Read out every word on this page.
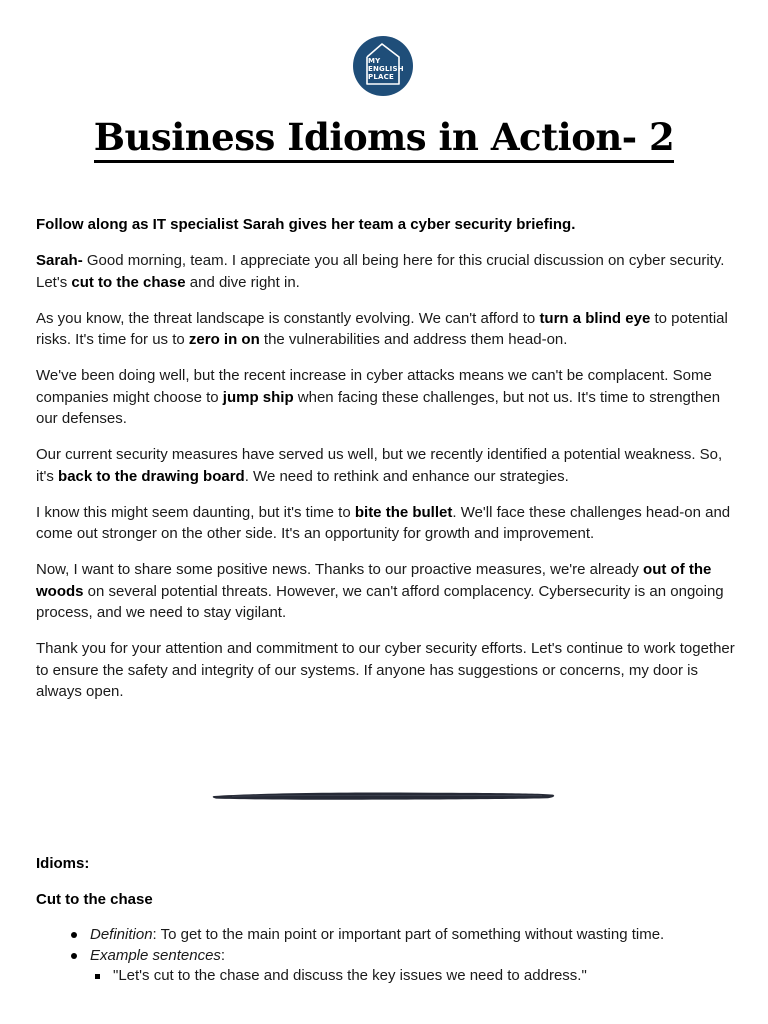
MY
ENGLISH
PLACE
Business Idioms in Action- 2

Follow along as IT specialist Sarah gives her team a cyber security briefing.

Sarah- Good morning, team. I appreciate you all being here for this crucial discussion on cyber security. Let's cut to the chase and dive right in.

As you know, the threat landscape is constantly evolving. We can't afford to turn a blind eye to potential risks. It's time for us to zero in on the vulnerabilities and address them head-on.

We've been doing well, but the recent increase in cyber attacks means we can't be complacent. Some companies might choose to jump ship when facing these challenges, but not us. It's time to strengthen our defenses.

Our current security measures have served us well, but we recently identified a potential weakness. So, it's back to the drawing board. We need to rethink and enhance our strategies.

I know this might seem daunting, but it's time to bite the bullet. We'll face these challenges head-on and come out stronger on the other side. It's an opportunity for growth and improvement.

Now, I want to share some positive news. Thanks to our proactive measures, we're already out of the woods on several potential threats. However, we can't afford complacency. Cybersecurity is an ongoing process, and we need to stay vigilant.

Thank you for your attention and commitment to our cyber security efforts. Let's continue to work together to ensure the safety and integrity of our systems. If anyone has suggestions or concerns, my door is always open.

Idioms:

Cut to the chase

Definition: To get to the main point or important part of something without wasting time.
Example sentences:
"Let's cut to the chase and discuss the key issues we need to address."
